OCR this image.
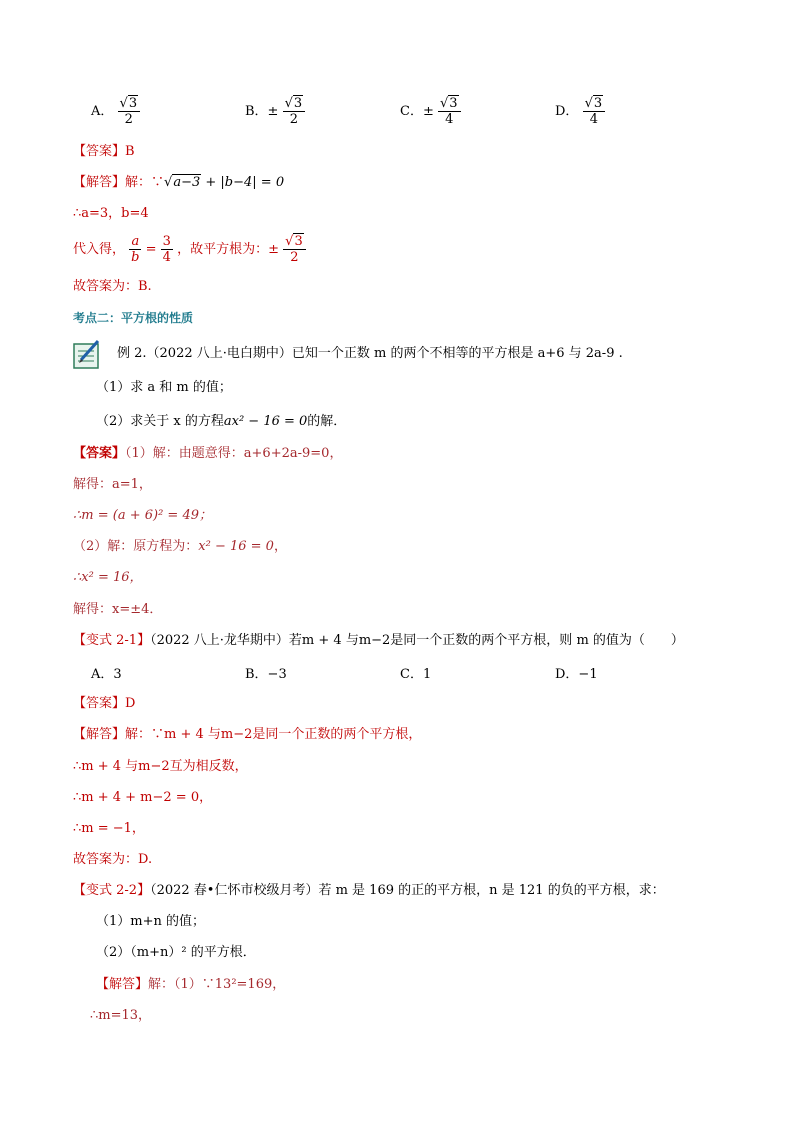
A． $\frac{√3}{2}$	B．± $\frac{√3}{2}$	C．± $\frac{√3}{4}$	D． $\frac{√3}{4}$
【答案】B
【解答】解：∵√a−3 + |b−4| = 0
∴a=3，b=4
代入得， $\frac{a}{b} = \frac{3}{4}$ ，故平方根为：± $\frac{√3}{2}$
故答案为：B.
考点二：平方根的性质
例 2.（2022 八上·电白期中）已知一个正数 m 的两个不相等的平方根是 a+6 与 2a-9 .
（1）求 a 和 m 的值；
（2）求关于 x 的方程ax² − 16 = 0的解．
【答案】（1）解：由题意得：a+6+2a-9=0，
解得：a=1，
∴m = (a + 6)² = 49；
（2）解：原方程为：x² − 16 = 0，
∴x² = 16，
解得：x=±4．
【变式 2-1】（2022 八上·龙华期中）若m + 4 与m−2是同一个正数的两个平方根，则 m 的值为（　　）
A．3	B．−3	C．1	D．−1
【答案】D
【解答】解：∵m + 4 与m−2是同一个正数的两个平方根，
∴m + 4 与m−2互为相反数，
∴m + 4 + m−2 = 0，
∴m = −1，
故答案为：D.
【变式 2-2】（2022 春•仁怀市校级月考）若 m 是 169 的正的平方根，n 是 121 的负的平方根，求：
（1）m+n 的值；
（2）（m+n）² 的平方根．
【解答】解：（1）∵13²=169，
∴m=13，
